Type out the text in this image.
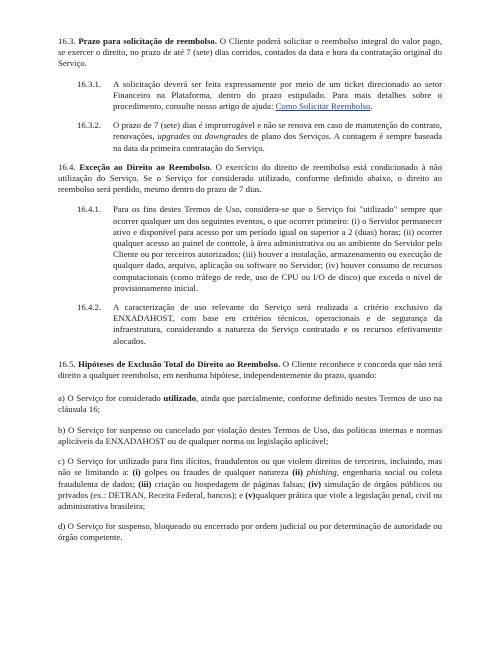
16.3. Prazo para solicitação de reembolso. O Cliente poderá solicitar o reembolso integral do valor pago, se exercer o direito, no prazo de até 7 (sete) dias corridos, contados da data e hora da contratação original do Serviço.

16.3.1. A solicitação deverá ser feita expressamente por meio de um ticket direcionado ao setor Financeiro na Plataforma, dentro do prazo estipulado. Para mais detalhes sobre o procedimento, consulte nosso artigo de ajuda: Como Solicitar Reembolso.

16.3.2. O prazo de 7 (sete) dias é improrrogável e não se renova em caso de manutenção do contrato, renovações, upgrades ou downgrades de plano dos Serviços. A contagem é sempre baseada na data da primeira contratação do Serviço.

16.4. Exceção ao Direito ao Reembolso. O exercício do direito de reembolso está condicionado à não utilização do Serviço. Se o Serviço for considerado utilizado, conforme definido abaixo, o direito ao reembolso será perdido, mesmo dentro do prazo de 7 dias.

16.4.1. Para os fins destes Termos de Uso, considera-se que o Serviço foi "utilizado" sempre que ocorrer qualquer um dos seguintes eventos, o que ocorrer primeiro: (i) o Servidor permanecer ativo e disponível para acesso por um período igual ou superior a 2 (duas) horas; (ii) ocorrer qualquer acesso ao painel de controle, à área administrativa ou ao ambiente do Servidor pelo Cliente ou por terceiros autorizados; (iii) houver a instalação, armazenamento ou execução de qualquer dado, arquivo, aplicação ou software no Servidor; (iv) houver consumo de recursos computacionais (como tráfego de rede, uso de CPU ou I/O de disco) que exceda o nível de provisionamento inicial.

16.4.2. A caracterização de uso relevante do Serviço será realizada a critério exclusivo da ENXADAHOST, com base em critérios técnicos, operacionais e de segurança da infraestrutura, considerando a natureza do Serviço contratado e os recursos efetivamente alocados.

16.5. Hipóteses de Exclusão Total do Direito ao Reembolso. O Cliente reconhece e concorda que não terá direito a qualquer reembolso, em nenhuma hipótese, independentemente do prazo, quando:

a) O Serviço for considerado utilizado, ainda que parcialmente, conforme definido nestes Termos de uso na cláusula 16;

b) O Serviço for suspenso ou cancelado por violação destes Termos de Uso, das políticas internas e normas aplicáveis da ENXADAHOST ou de qualquer norma ou legislação aplicável;

c) O Serviço for utilizado para fins ilícitos, fraudulentos ou que violem direitos de terceiros, incluindo, mas não se limitando a: (i) golpes ou fraudes de qualquer natureza (ii) phishing, engenharia social ou coleta fraudulenta de dados; (iii) criação ou hospedagem de páginas falsas; (iv) simulação de órgãos públicos ou privados (ex.: DETRAN, Receita Federal, bancos); e (v)qualquer prática que viole a legislação penal, civil ou administrativa brasileira;

d) O Serviço for suspenso, bloqueado ou encerrado por ordem judicial ou por determinação de autoridade ou órgão competente.
